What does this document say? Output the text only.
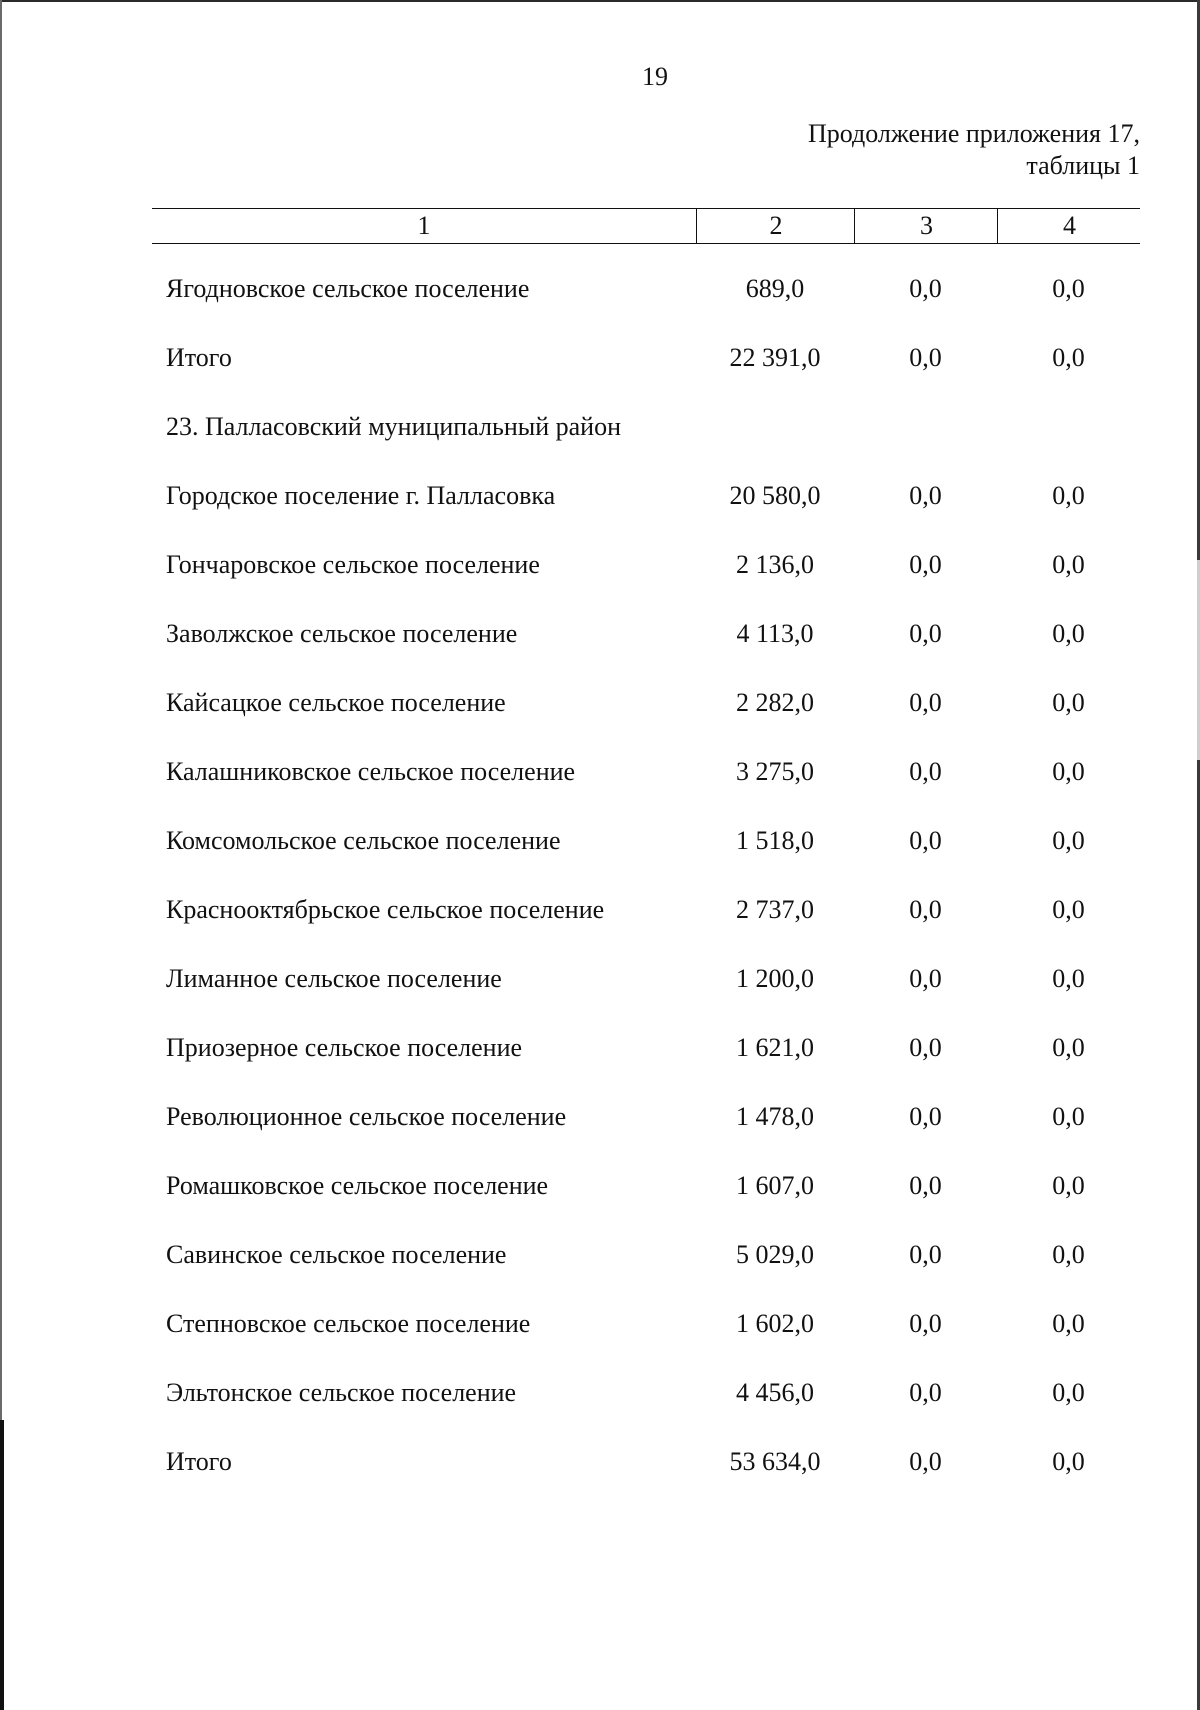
19
Продолжение приложения 17,
таблицы 1
1	2	3	4
Ягодновское сельское поселение	689,0	0,0	0,0
Итого	22 391,0	0,0	0,0
23. Палласовский муниципальный район
Городское поселение г. Палласовка	20 580,0	0,0	0,0
Гончаровское сельское поселение	2 136,0	0,0	0,0
Заволжское сельское поселение	4 113,0	0,0	0,0
Кайсацкое сельское поселение	2 282,0	0,0	0,0
Калашниковское сельское поселение	3 275,0	0,0	0,0
Комсомольское сельское поселение	1 518,0	0,0	0,0
Краснооктябрьское сельское поселение	2 737,0	0,0	0,0
Лиманное сельское поселение	1 200,0	0,0	0,0
Приозерное сельское поселение	1 621,0	0,0	0,0
Революционное сельское поселение	1 478,0	0,0	0,0
Ромашковское сельское поселение	1 607,0	0,0	0,0
Савинское сельское поселение	5 029,0	0,0	0,0
Степновское сельское поселение	1 602,0	0,0	0,0
Эльтонское сельское поселение	4 456,0	0,0	0,0
Итого	53 634,0	0,0	0,0
